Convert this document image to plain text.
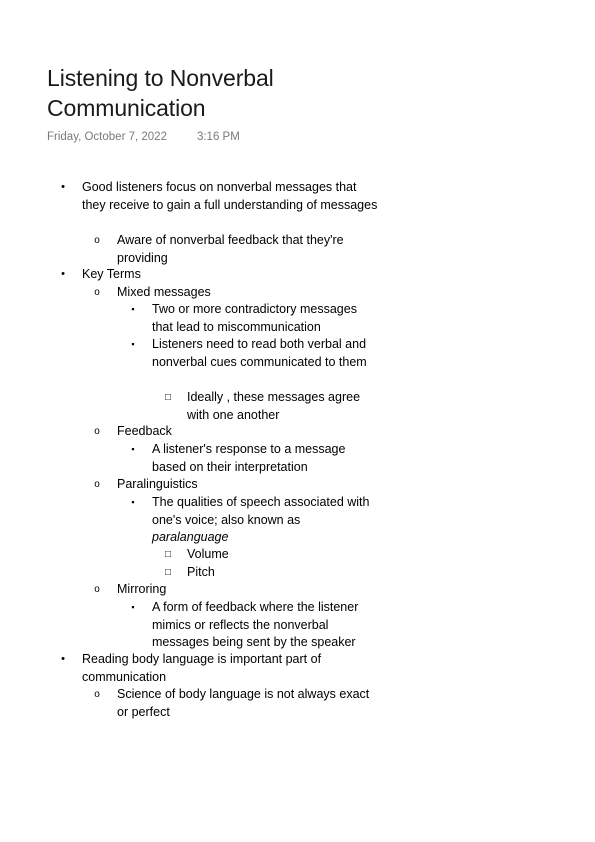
Listening to Nonverbal Communication
Friday, October 7, 2022	3:16 PM
•	Good listeners focus on nonverbal messages that they receive to gain a full understanding of messages
o Aware of nonverbal feedback that they're providing
•	Key Terms
o Mixed messages
▪	Two or more contradictory messages that lead to miscommunication
▪	Listeners need to read both verbal and nonverbal cues communicated to them
□ Ideally , these messages agree with one another
o Feedback
▪	A listener's response to a message based on their interpretation
o Paralinguistics
▪	The qualities of speech associated with one's voice; also known as paralanguage
□ Volume
□ Pitch
o Mirroring
▪	A form of feedback where the listener mimics or reflects the nonverbal messages being sent by the speaker
•	Reading body language is important part of communication
o Science of body language is not always exact or perfect
